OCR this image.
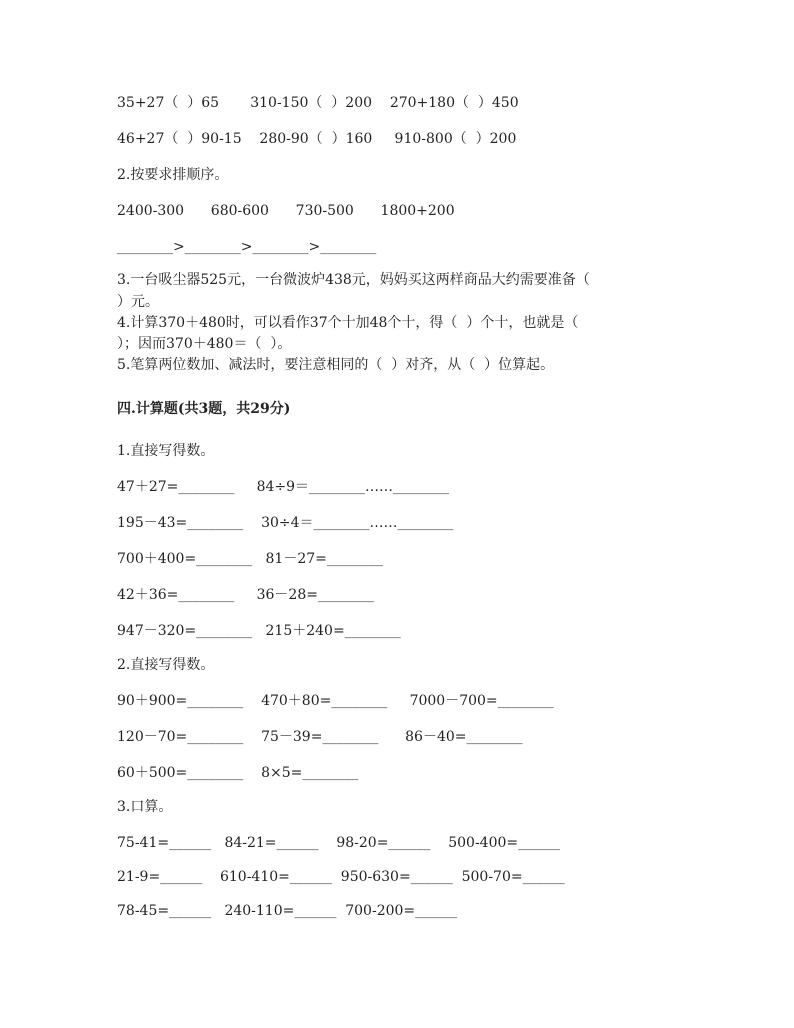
35+27（  ）65       310-150（  ）200    270+180（  ）450
46+27（  ）90-15    280-90（  ）160     910-800（  ）200
2.按要求排顺序。
2400-300      680-600      730-500      1800+200
________>________>________>________
3.一台吸尘器525元，一台微波炉438元，妈妈买这两样商品大约需要准备（
）元。
4.计算370＋480时，可以看作37个十加48个十，得（  ）个十，也就是（
）；因而370＋480＝（  ）。
5.笔算两位数加、减法时，要注意相同的（  ）对齐，从（  ）位算起。
四.计算题(共3题，共29分)
1.直接写得数。
47＋27=________     84÷9＝________……________
195－43=________    30÷4＝________……________
700＋400=________   81－27=________
42＋36=________     36－28=________
947－320=________   215＋240=________
2.直接写得数。
90＋900=________    470＋80=________     7000－700=________
120－70=________    75－39=________      86－40=________
60＋500=________    8×5=________
3.口算。
75-41=______   84-21=______    98-20=______    500-400=______
21-9=______    610-410=______  950-630=______  500-70=______
78-45=______   240-110=______  700-200=______
